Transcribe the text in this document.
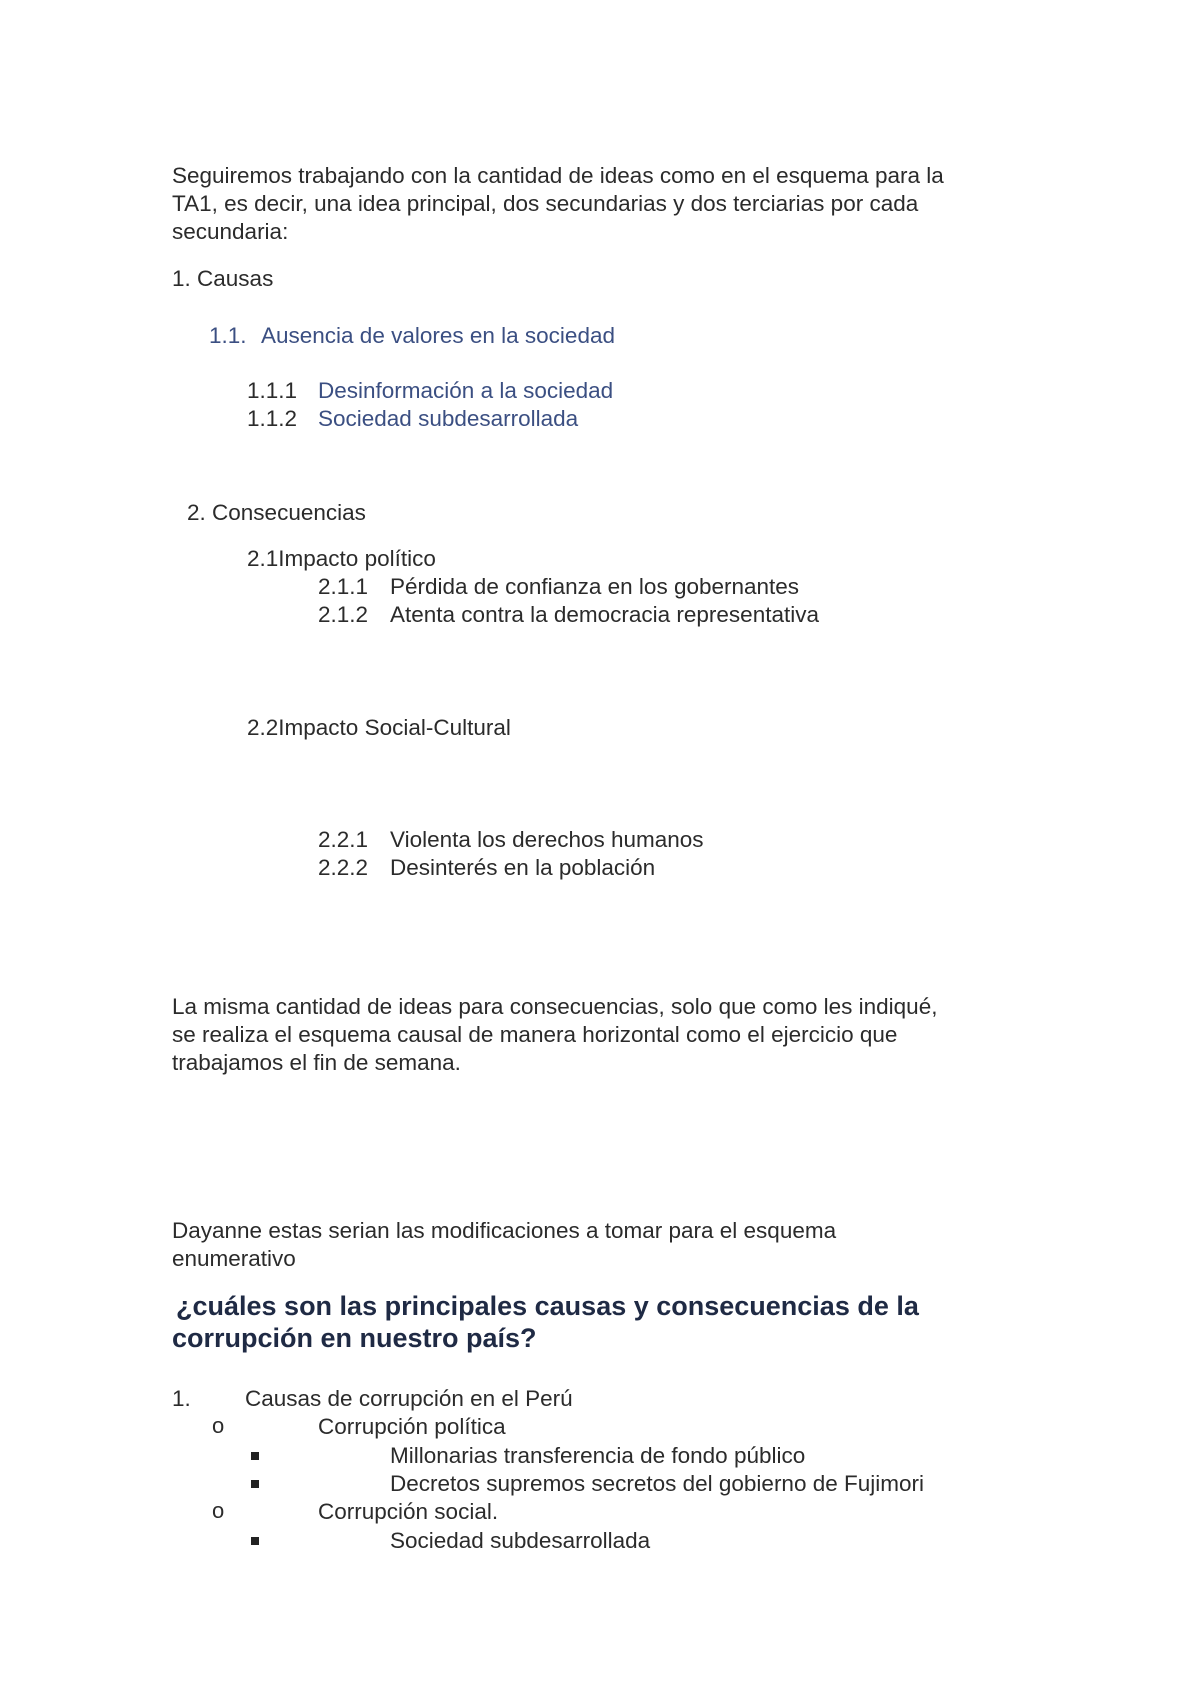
Seguiremos trabajando con la cantidad de ideas como en el esquema para la
TA1, es decir, una idea principal, dos secundarias y dos terciarias por cada
secundaria:
1. Causas
1.1. Ausencia de valores en la sociedad
1.1.1 Desinformación a la sociedad
1.1.2 Sociedad subdesarrollada
2. Consecuencias
2.1Impacto político
2.1.1 Pérdida de confianza en los gobernantes
2.1.2 Atenta contra la democracia representativa
2.2Impacto Social-Cultural
2.2.1 Violenta los derechos humanos
2.2.2 Desinterés en la población
La misma cantidad de ideas para consecuencias, solo que como les indiqué,
se realiza el esquema causal de manera horizontal como el ejercicio que
trabajamos el fin de semana.
Dayanne estas serian las modificaciones a tomar para el esquema
enumerativo
¿cuáles son las principales causas y consecuencias de la
corrupción en nuestro país?
1. Causas de corrupción en el Perú
o	Corrupción política
Millonarias transferencia de fondo público
Decretos supremos secretos del gobierno de Fujimori
o	Corrupción social.
Sociedad subdesarrollada
